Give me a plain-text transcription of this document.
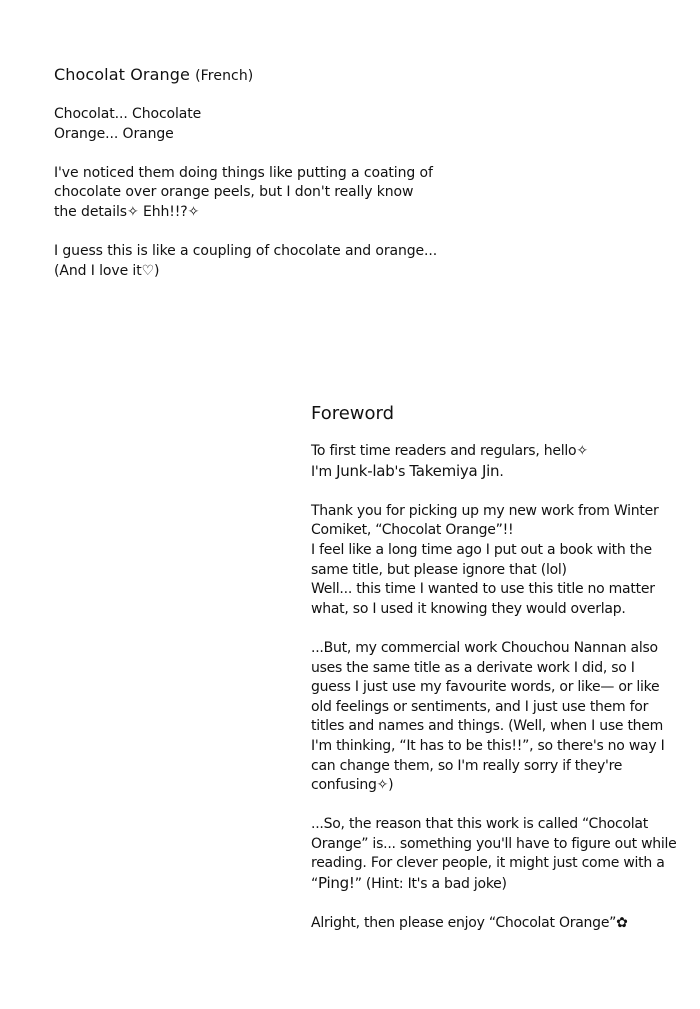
Chocolat Orange (French)
Chocolat... Chocolate
Orange... Orange
I've noticed them doing things like putting a coating of
chocolate over orange peels, but I don't really know
the details✧ Ehh!!?✧
I guess this is like a coupling of chocolate and orange...
(And I love it♡)
Foreword
To first time readers and regulars, hello✧
I'm Junk-lab's Takemiya Jin.
Thank you for picking up my new work from Winter
Comiket, “Chocolat Orange”!!
I feel like a long time ago I put out a book with the
same title, but please ignore that (lol)
Well... this time I wanted to use this title no matter
what, so I used it knowing they would overlap.
...But, my commercial work Chouchou Nannan also
uses the same title as a derivate work I did, so I
guess I just use my favourite words, or like— or like
old feelings or sentiments, and I just use them for
titles and names and things. (Well, when I use them
I'm thinking, “It has to be this!!”, so there's no way I
can change them, so I'm really sorry if they're
confusing✧)
...So, the reason that this work is called “Chocolat
Orange” is... something you'll have to figure out while
reading. For clever people, it might just come with a
“Ping!” (Hint: It's a bad joke)
Alright, then please enjoy “Chocolat Orange”✿
